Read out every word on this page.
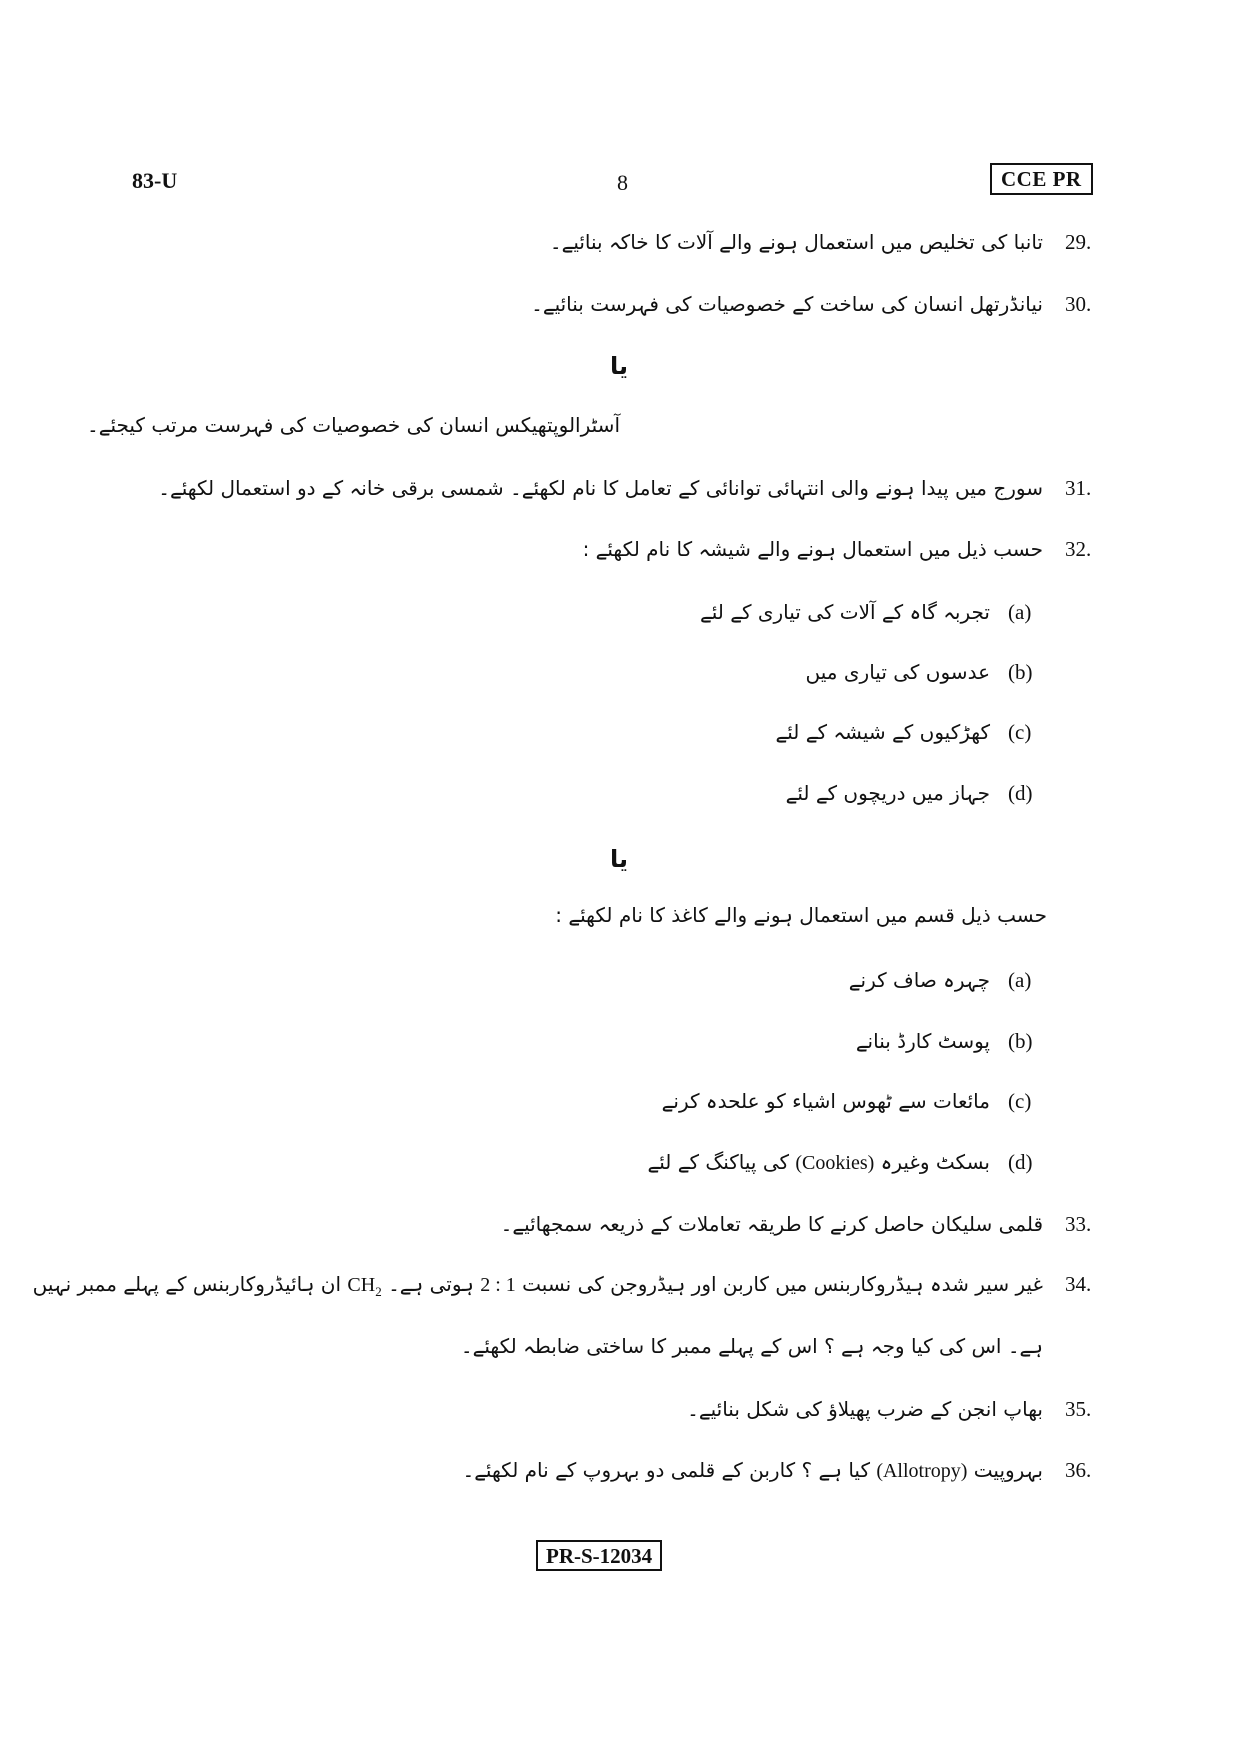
83-U	8	CCE PR
29.
تانبا کی تخلیص میں استعمال ہونے والے آلات کا خاکہ بنائیے۔
30.
نیانڈرتھل انسان کی ساخت کے خصوصیات کی فہرست بنائیے۔
یا
آسٹرالوپتھیکس انسان کی خصوصیات کی فہرست مرتب کیجئے۔
31.
سورج میں پیدا ہونے والی انتہائی توانائی کے تعامل کا نام لکھئے۔ شمسی برقی خانہ کے دو استعمال لکھئے۔
32.
حسب ذیل میں استعمال ہونے والے شیشہ کا نام لکھئے :
(a)
تجربہ گاہ کے آلات کی تیاری کے لئے
(b)
عدسوں کی تیاری میں
(c)
کھڑکیوں کے شیشہ کے لئے
(d)
جہاز میں دریچوں کے لئے
یا
حسب ذیل قسم میں استعمال ہونے والے کاغذ کا نام لکھئے :
(a)
چہرہ صاف کرنے
(b)
پوسٹ کارڈ بنانے
(c)
مائعات سے ٹھوس اشیاء کو علحدہ کرنے
(d)
بسکٹ وغیرہ (Cookies) کی پیاکنگ کے لئے
33.
قلمی سلیکان حاصل کرنے کا طریقہ تعاملات کے ذریعہ سمجھائیے۔
34.
غیر سیر شدہ ہیڈروکاربنس میں کاربن اور ہیڈروجن کی نسبت 2 : 1 ہوتی ہے۔ $CH_2$ ان ہائیڈروکاربنس کے پہلے ممبر نہیں
ہے۔ اس کی کیا وجہ ہے ؟ اس کے پہلے ممبر کا ساختی ضابطہ لکھئے۔
35.
بھاپ انجن کے ضرب پھیلاؤ کی شکل بنائیے۔
36.
بہروپیت (Allotropy) کیا ہے ؟ کاربن کے قلمی دو بہروپ کے نام لکھئے۔
PR-S-12034
